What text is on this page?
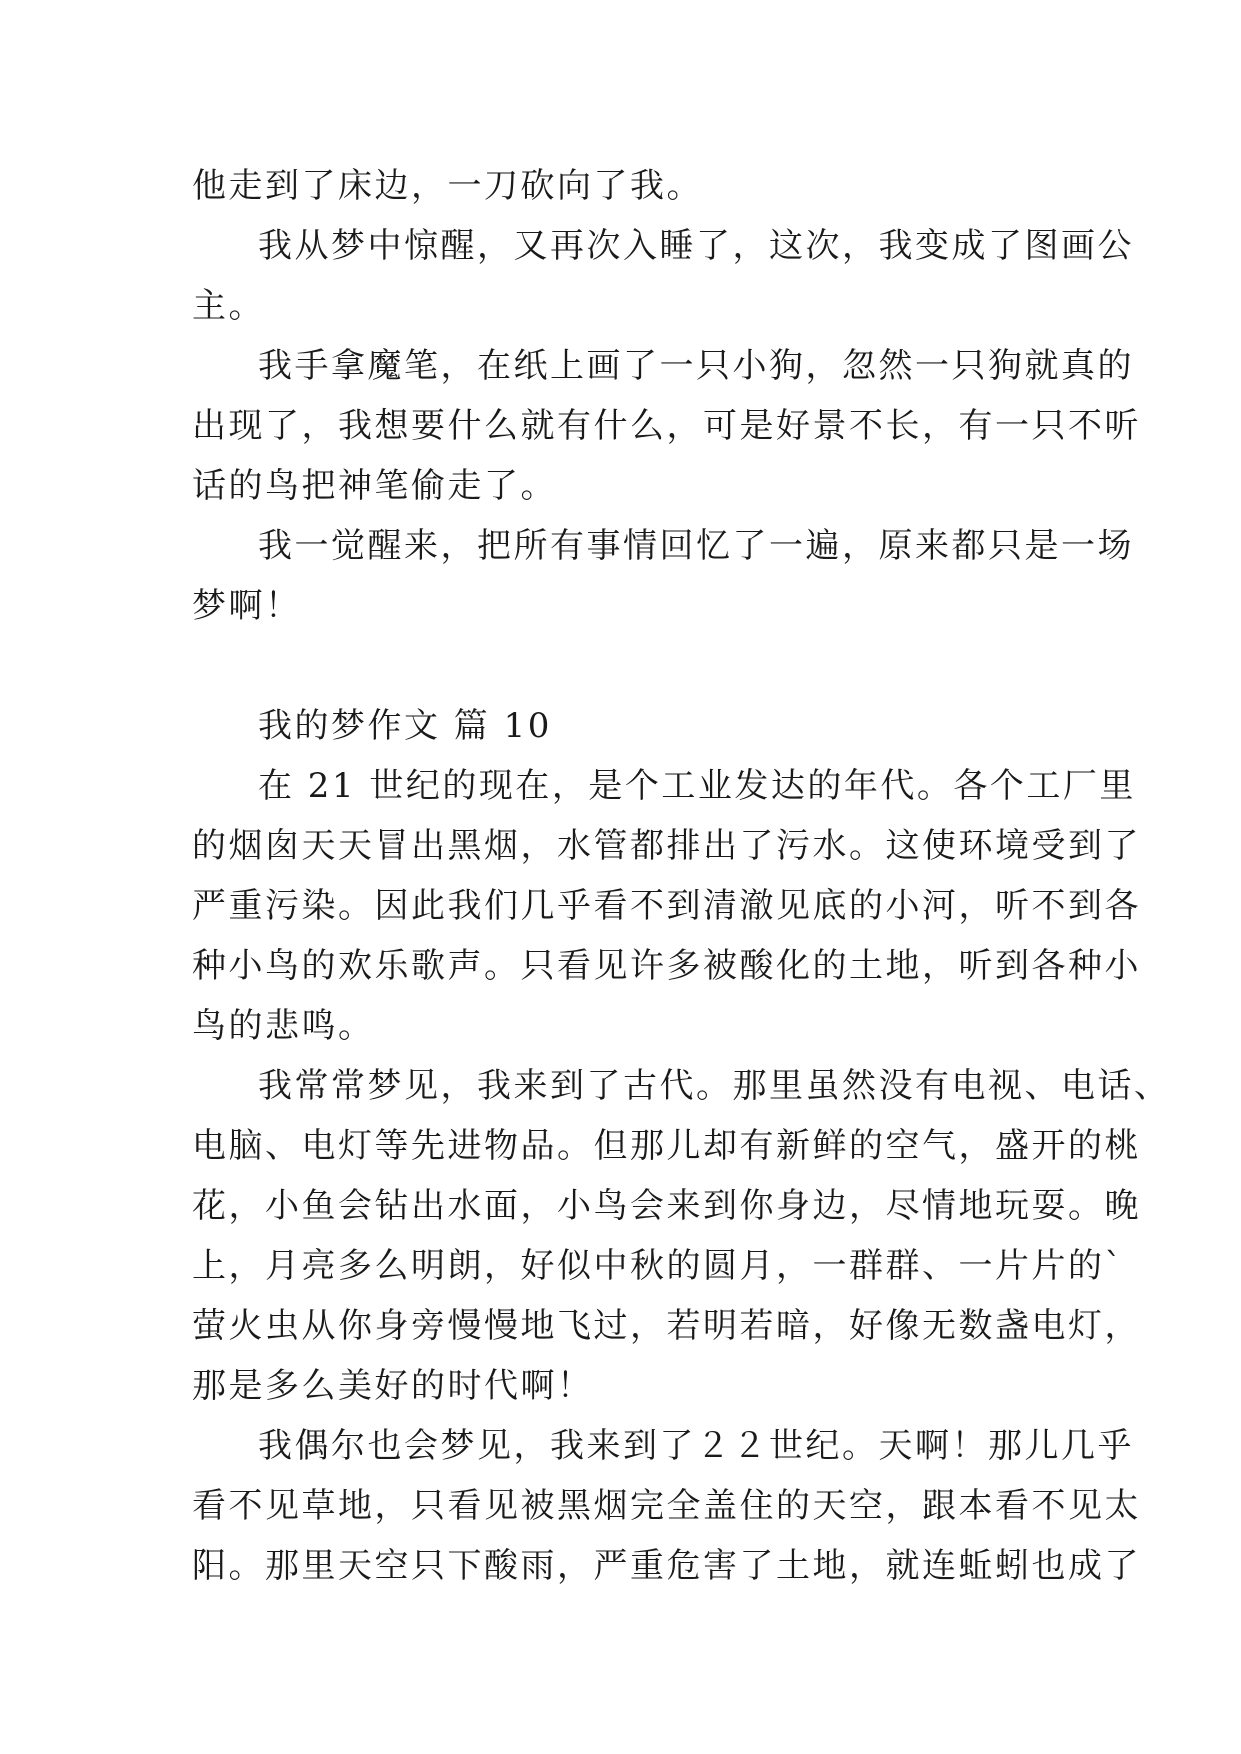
他走到了床边，一刀砍向了我。
我从梦中惊醒，又再次入睡了，这次，我变成了图画公
主。
我手拿魔笔，在纸上画了一只小狗，忽然一只狗就真的
出现了，我想要什么就有什么，可是好景不长，有一只不听
话的鸟把神笔偷走了。
我一觉醒来，把所有事情回忆了一遍，原来都只是一场
梦啊！
我的梦作文 篇 10
在 21 世纪的现在，是个工业发达的年代。各个工厂里
的烟囱天天冒出黑烟，水管都排出了污水。这使环境受到了
严重污染。因此我们几乎看不到清澈见底的小河，听不到各
种小鸟的欢乐歌声。只看见许多被酸化的土地，听到各种小
鸟的悲鸣。
我常常梦见，我来到了古代。那里虽然没有电视、电话、
电脑、电灯等先进物品。但那儿却有新鲜的空气，盛开的桃
花，小鱼会钻出水面，小鸟会来到你身边，尽情地玩耍。晚
上，月亮多么明朗，好似中秋的圆月，一群群、一片片的`
萤火虫从你身旁慢慢地飞过，若明若暗，好像无数盏电灯，
那是多么美好的时代啊！
我偶尔也会梦见，我来到了２２世纪。天啊！那儿几乎
看不见草地，只看见被黑烟完全盖住的天空，跟本看不见太
阳。那里天空只下酸雨，严重危害了土地，就连蚯蚓也成了
